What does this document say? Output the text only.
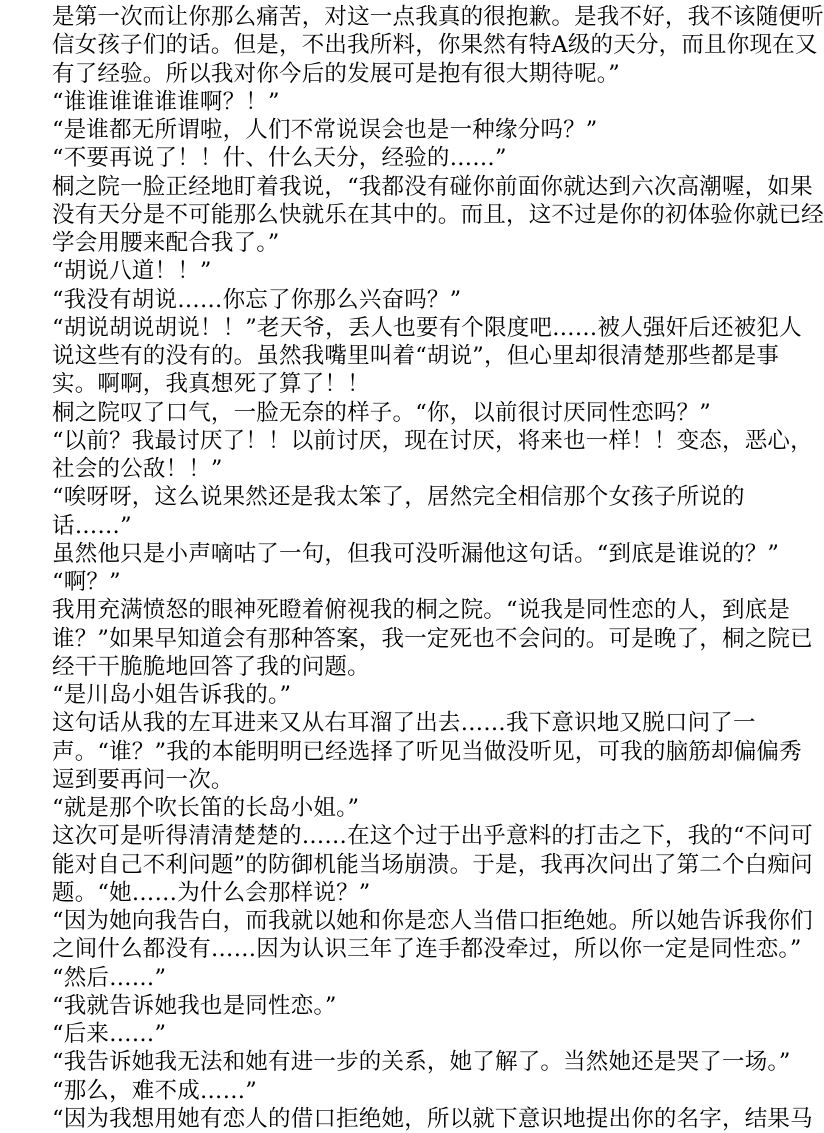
是第一次而让你那么痛苦，对这一点我真的很抱歉。是我不好，我不该随便听
信女孩子们的话。但是，不出我所料，你果然有特A级的天分，而且你现在又
有了经验。所以我对你今后的发展可是抱有很大期待呢。”
“谁谁谁谁谁谁啊？！”
“是谁都无所谓啦，人们不常说误会也是一种缘分吗？”
“不要再说了！！什、什么天分，经验的……”
桐之院一脸正经地盯着我说，“我都没有碰你前面你就达到六次高潮喔，如果
没有天分是不可能那么快就乐在其中的。而且，这不过是你的初体验你就已经
学会用腰来配合我了。”
“胡说八道！！”
“我没有胡说……你忘了你那么兴奋吗？”
“胡说胡说胡说！！”老天爷，丢人也要有个限度吧……被人强奸后还被犯人
说这些有的没有的。虽然我嘴里叫着“胡说”，但心里却很清楚那些都是事
实。啊啊，我真想死了算了！！
桐之院叹了口气，一脸无奈的样子。“你，以前很讨厌同性恋吗？”
“以前？我最讨厌了！！以前讨厌，现在讨厌，将来也一样！！变态，恶心，
社会的公敌！！”
“唉呀呀，这么说果然还是我太笨了，居然完全相信那个女孩子所说的
话……”
虽然他只是小声嘀咕了一句，但我可没听漏他这句话。“到底是谁说的？”
“啊？”
我用充满愤怒的眼神死瞪着俯视我的桐之院。“说我是同性恋的人，到底是
谁？”如果早知道会有那种答案，我一定死也不会问的。可是晚了，桐之院已
经干干脆脆地回答了我的问题。
“是川岛小姐告诉我的。”
这句话从我的左耳进来又从右耳溜了出去……我下意识地又脱口问了一
声。“谁？”我的本能明明已经选择了听见当做没听见，可我的脑筋却偏偏秀
逗到要再问一次。
“就是那个吹长笛的长岛小姐。”
这次可是听得清清楚楚的……在这个过于出乎意料的打击之下，我的“不问可
能对自己不利问题”的防御机能当场崩溃。于是，我再次问出了第二个白痴问
题。“她……为什么会那样说？”
“因为她向我告白，而我就以她和你是恋人当借口拒绝她。所以她告诉我你们
之间什么都没有……因为认识三年了连手都没牵过，所以你一定是同性恋。”
“然后……”
“我就告诉她我也是同性恋。”
“后来……”
“我告诉她我无法和她有进一步的关系，她了解了。当然她还是哭了一场。”
“那么，难不成……”
“因为我想用她有恋人的借口拒绝她，所以就下意识地提出你的名字，结果马
